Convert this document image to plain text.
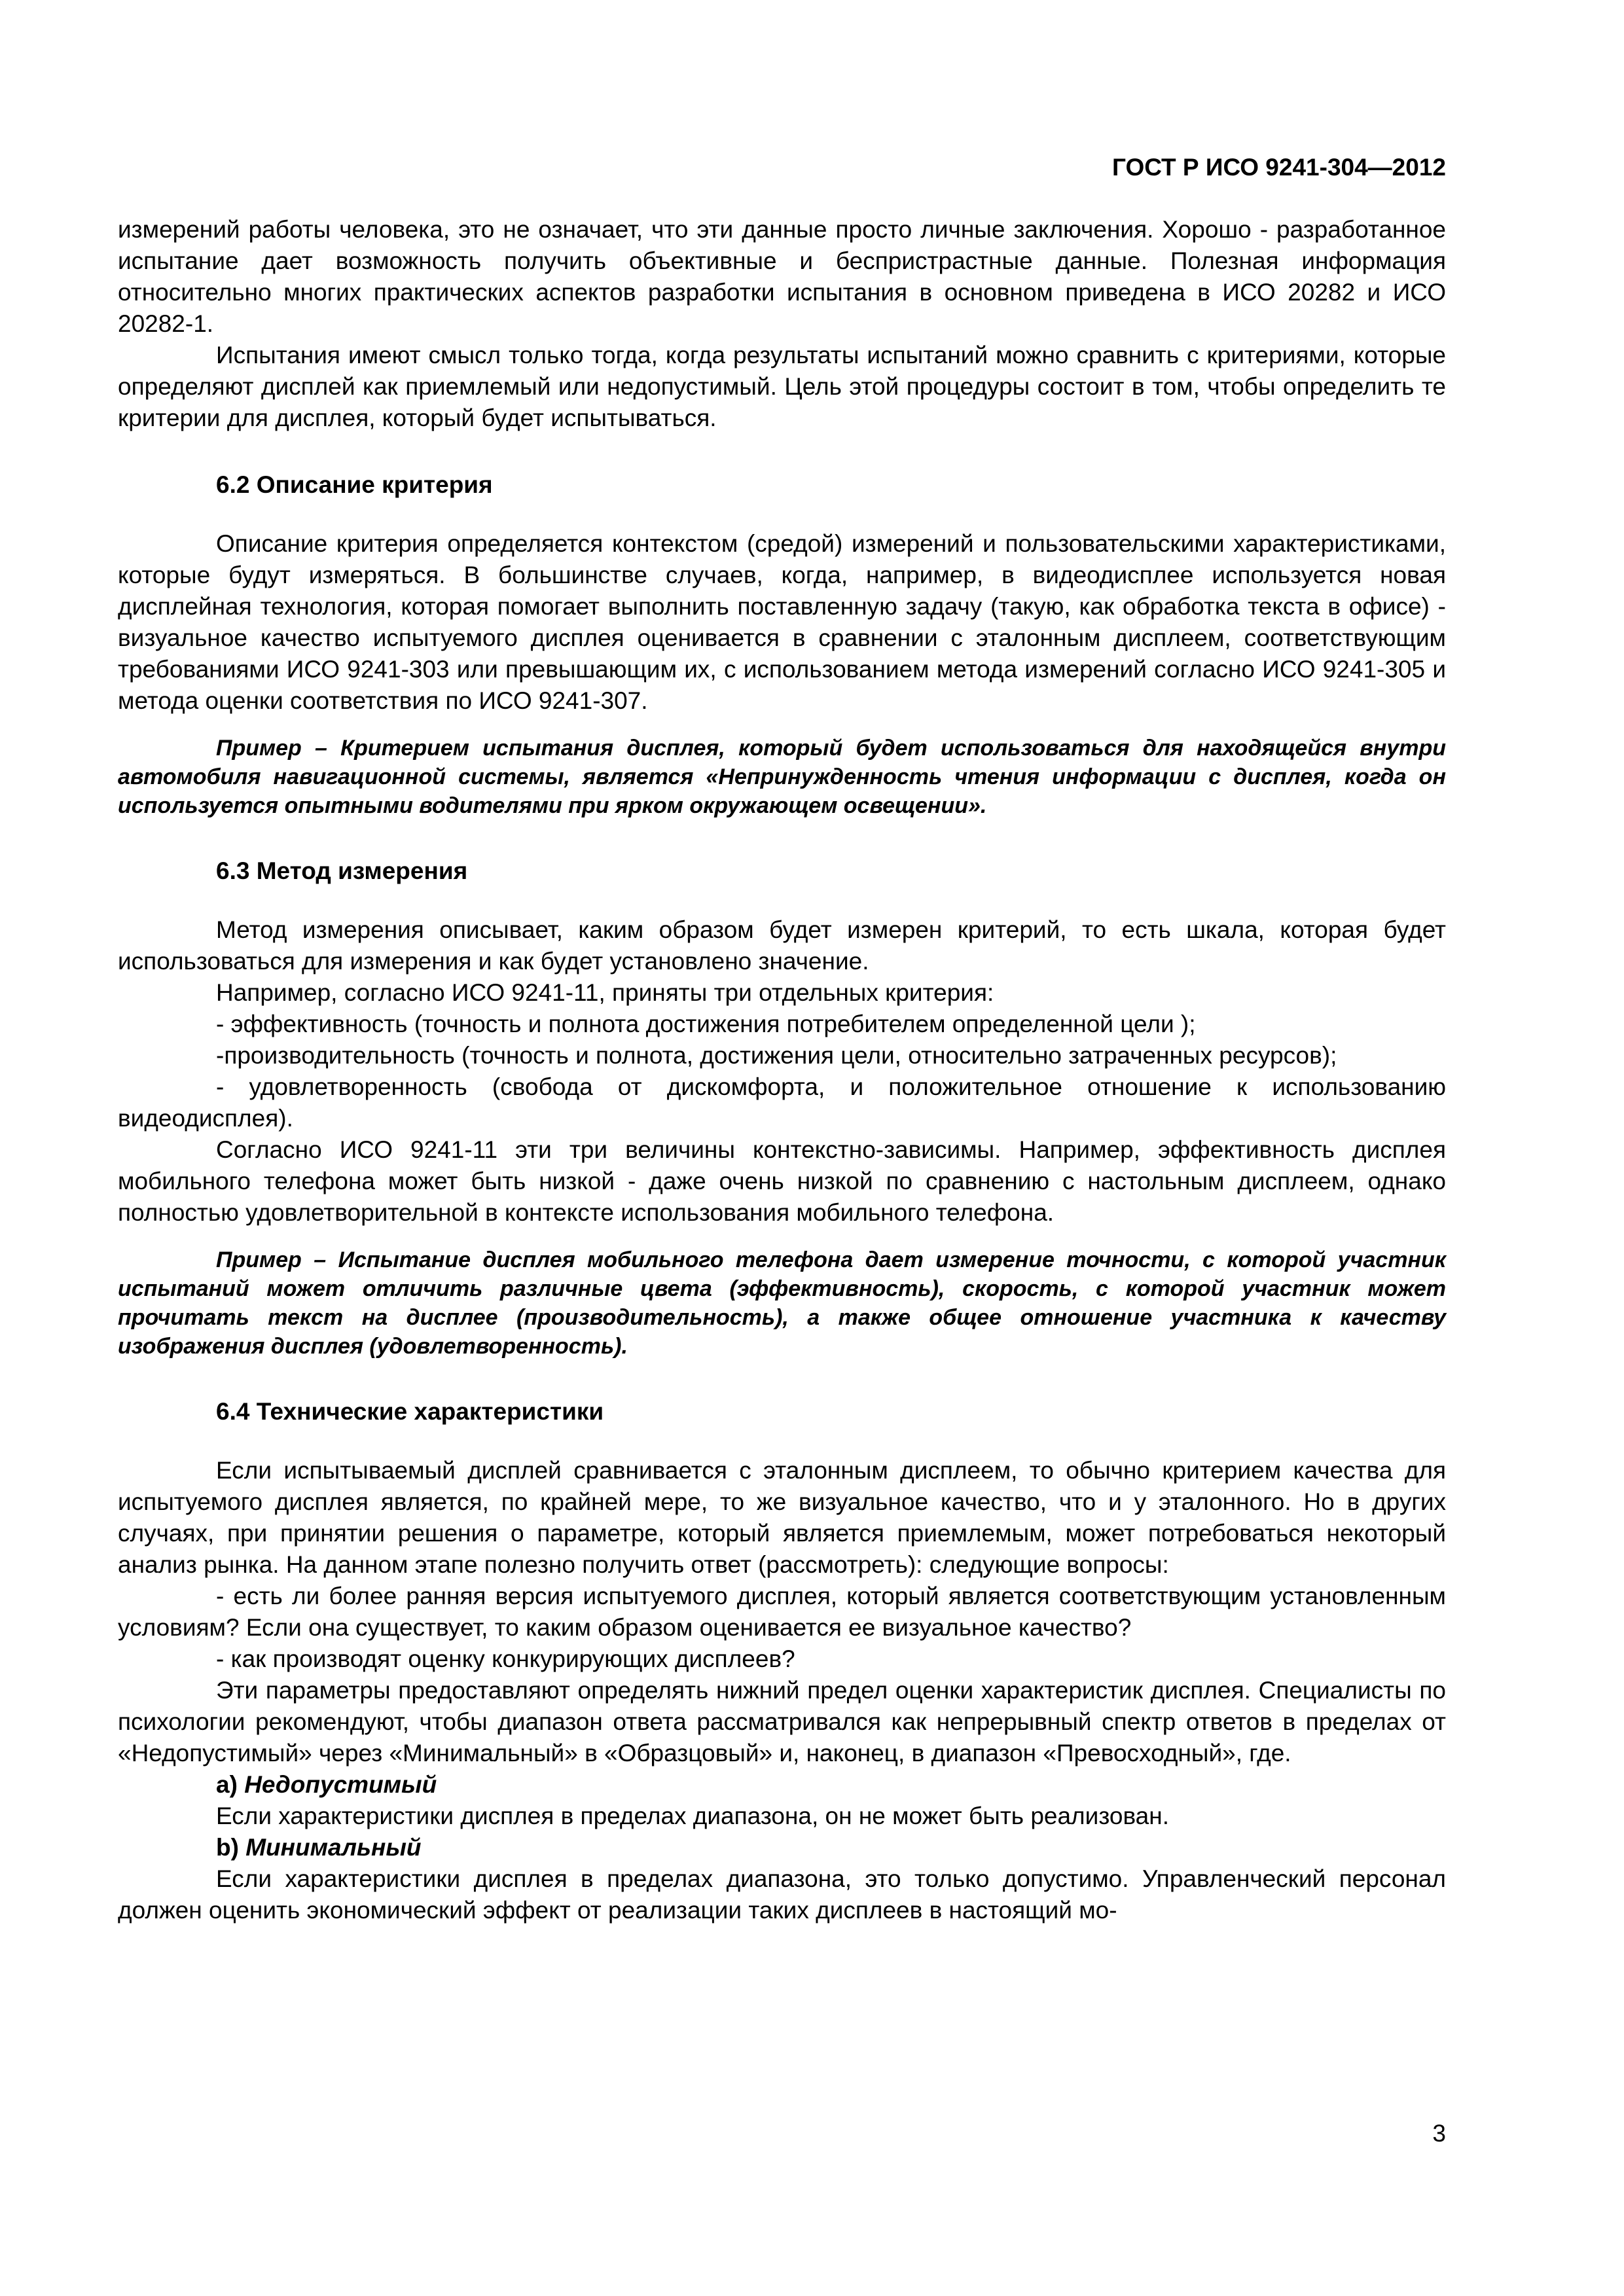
ГОСТ Р ИСО 9241-304—2012

измерений работы человека, это не означает, что эти данные просто личные заключения. Хорошо - разработанное испытание дает возможность получить объективные и беспристрастные данные. Полезная информация относительно многих практических аспектов разработки испытания в основном приведена в ИСО 20282 и ИСО 20282-1.

Испытания имеют смысл только тогда, когда результаты испытаний можно сравнить с критериями, которые определяют дисплей как приемлемый или недопустимый. Цель этой процедуры состоит в том, чтобы определить те критерии для дисплея, который будет испытываться.

6.2 Описание критерия

Описание критерия определяется контекстом (средой) измерений и пользовательскими характеристиками, которые будут измеряться. В большинстве случаев, когда, например, в видеодисплее используется новая дисплейная технология, которая помогает выполнить поставленную задачу (такую, как обработка текста в офисе) - визуальное качество испытуемого дисплея оценивается в сравнении с эталонным дисплеем, соответствующим требованиями ИСО 9241-303 или превышающим их, с использованием метода измерений согласно ИСО 9241-305 и метода оценки соответствия по ИСО 9241-307.

Пример – Критерием испытания дисплея, который будет использоваться для находящейся внутри автомобиля навигационной системы, является «Непринужденность чтения информации с дисплея, когда он используется опытными водителями при ярком окружающем освещении».

6.3 Метод измерения

Метод измерения описывает, каким образом будет измерен критерий, то есть шкала, которая будет использоваться для измерения и как будет установлено значение.

Например, согласно ИСО 9241-11, приняты три отдельных критерия:

- эффективность (точность и полнота достижения потребителем определенной цели );

-производительность (точность и полнота, достижения цели, относительно затраченных ресурсов);

- удовлетворенность (свобода от дискомфорта, и положительное отношение к использованию видеодисплея).

Согласно ИСО 9241-11 эти три величины контекстно-зависимы. Например, эффективность дисплея мобильного телефона может быть низкой - даже очень низкой по сравнению с настольным дисплеем, однако полностью удовлетворительной в контексте использования мобильного телефона.

Пример – Испытание дисплея мобильного телефона дает измерение точности, с которой участник испытаний может отличить различные цвета (эффективность), скорость, с которой участник может прочитать текст на дисплее (производительность), а также общее отношение участника к качеству изображения дисплея (удовлетворенность).

6.4 Технические характеристики

Если испытываемый дисплей сравнивается с эталонным дисплеем, то обычно критерием качества для испытуемого дисплея является, по крайней мере, то же визуальное качество, что и у эталонного. Но в других случаях, при принятии решения о параметре, который является приемлемым, может потребоваться некоторый анализ рынка. На данном этапе полезно получить ответ (рассмотреть): следующие вопросы:

- есть ли более ранняя версия испытуемого дисплея, который является соответствующим установленным условиям? Если она существует, то каким образом оценивается ее визуальное качество?

- как производят оценку конкурирующих дисплеев?

Эти параметры предоставляют определять нижний предел оценки характеристик дисплея. Специалисты по психологии рекомендуют, чтобы диапазон ответа рассматривался как непрерывный спектр ответов в пределах от «Недопустимый» через «Минимальный» в «Образцовый» и, наконец, в диапазон «Превосходный», где.

a) Недопустимый

Если характеристики дисплея в пределах диапазона, он не может быть реализован.

b) Минимальный

Если характеристики дисплея в пределах диапазона, это только допустимо. Управленческий персонал должен оценить экономический эффект от реализации таких дисплеев в настоящий мо-

3
